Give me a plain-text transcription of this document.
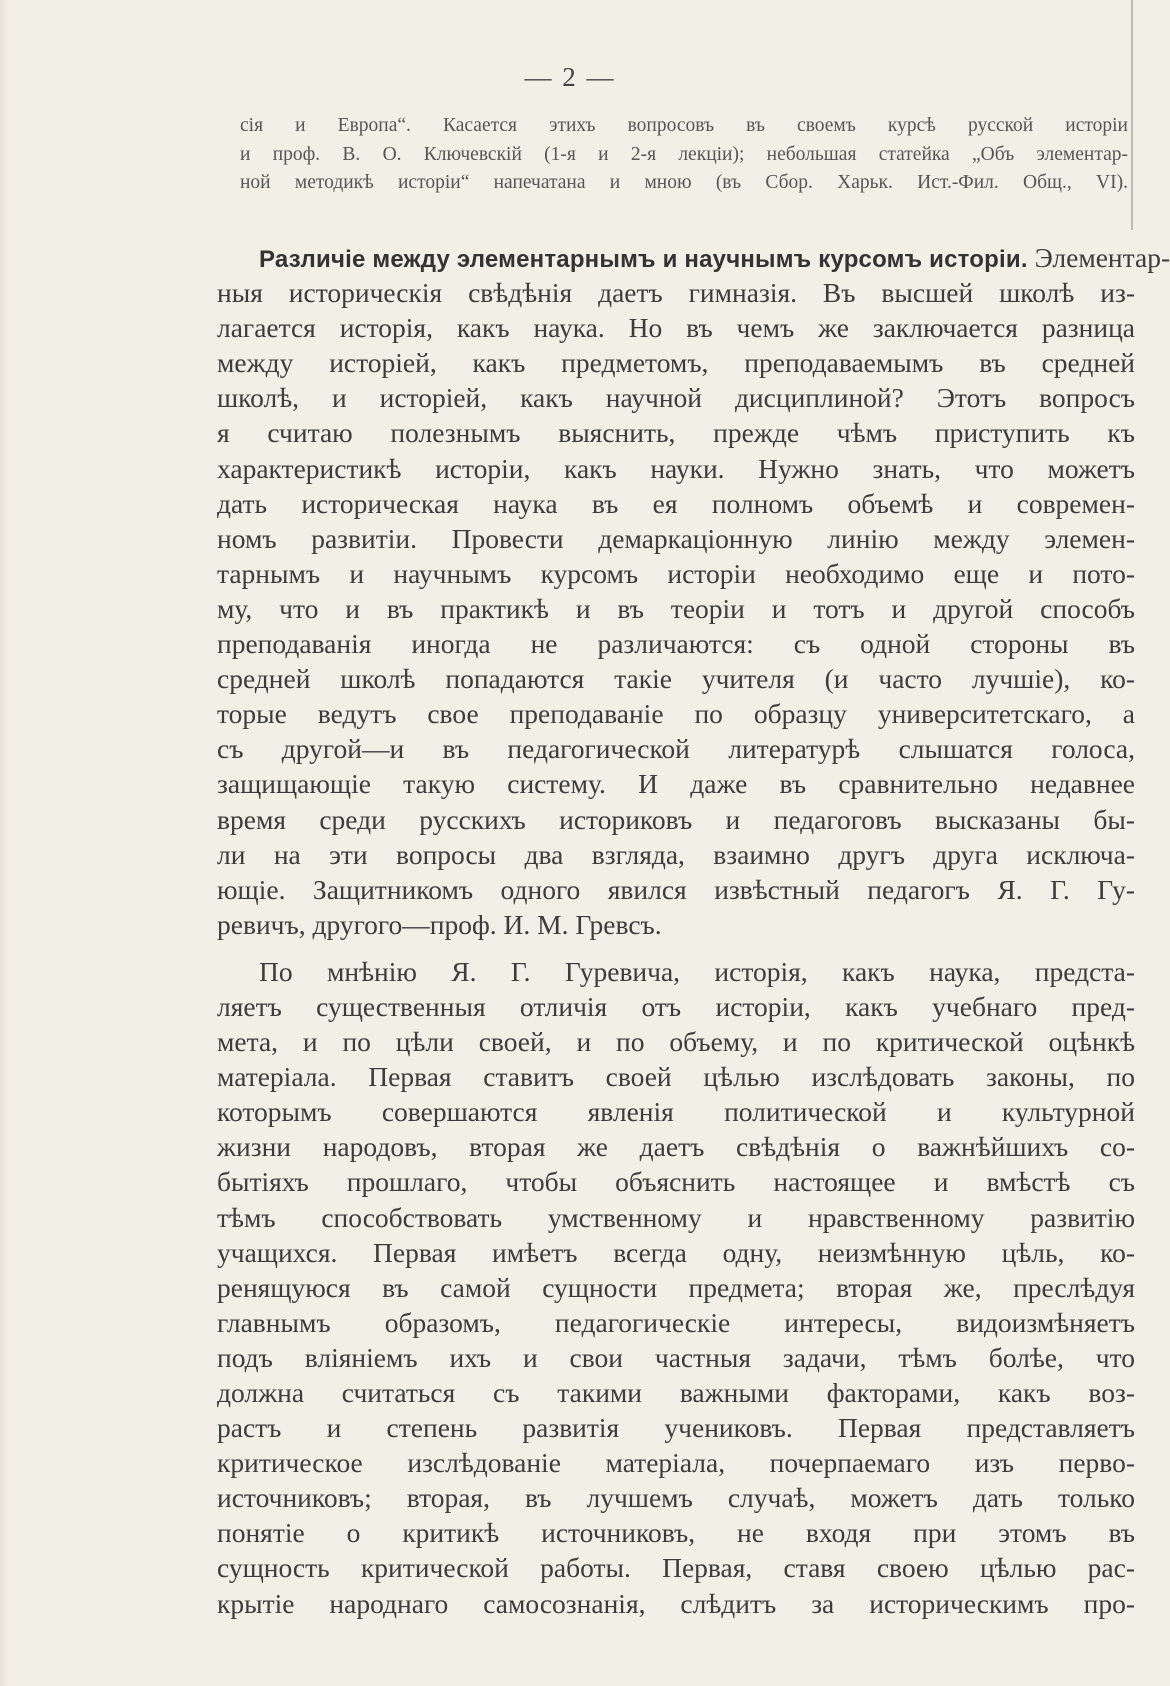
— 2 —
сія и Европа“. Касается этихъ вопросовъ въ своемъ курсѣ русской исторіи
и проф. В. О. Ключевскій (1-я и 2-я лекціи); небольшая статейка „Объ элементар-
ной методикѣ исторіи“ напечатана и мною (въ Сбор. Харьк. Ист.-Фил. Общ., VI).
Различіе между элементарнымъ и научнымъ курсомъ исторіи. Элементар-
ныя историческія свѣдѣнія даетъ гимназія. Въ высшей школѣ из-
лагается исторія, какъ наука. Но въ чемъ же заключается разница
между исторіей, какъ предметомъ, преподаваемымъ въ средней
школѣ, и исторіей, какъ научной дисциплиной? Этотъ вопросъ
я считаю полезнымъ выяснить, прежде чѣмъ приступить къ
характеристикѣ исторіи, какъ науки. Нужно знать, что можетъ
дать историческая наука въ ея полномъ объемѣ и современ-
номъ развитіи. Провести демаркаціонную линію между элемен-
тарнымъ и научнымъ курсомъ исторіи необходимо еще и пото-
му, что и въ практикѣ и въ теоріи и тотъ и другой способъ
преподаванія иногда не различаются: съ одной стороны въ
средней школѣ попадаются такіе учителя (и часто лучшіе), ко-
торые ведутъ свое преподаваніе по образцу университетскаго, а
съ другой—и въ педагогической литературѣ слышатся голоса,
защищающіе такую систему. И даже въ сравнительно недавнее
время среди русскихъ историковъ и педагоговъ высказаны бы-
ли на эти вопросы два взгляда, взаимно другъ друга исключа-
ющіе. Защитникомъ одного явился извѣстный педагогъ Я. Г. Гу-
ревичъ, другого—проф. И. М. Гревсъ.
По мнѣнію Я. Г. Гуревича, исторія, какъ наука, предста-
ляетъ существенныя отличія отъ исторіи, какъ учебнаго пред-
мета, и по цѣли своей, и по объему, и по критической оцѣнкѣ
матеріала. Первая ставитъ своей цѣлью изслѣдовать законы, по
которымъ совершаются явленія политической и культурной
жизни народовъ, вторая же даетъ свѣдѣнія о важнѣйшихъ со-
бытіяхъ прошлаго, чтобы объяснить настоящее и вмѣстѣ съ
тѣмъ способствовать умственному и нравственному развитію
учащихся. Первая имѣетъ всегда одну, неизмѣнную цѣль, ко-
ренящуюся въ самой сущности предмета; вторая же, преслѣдуя
главнымъ образомъ, педагогическіе интересы, видоизмѣняетъ
подъ вліяніемъ ихъ и свои частныя задачи, тѣмъ болѣе, что
должна считаться съ такими важными факторами, какъ воз-
растъ и степень развитія учениковъ. Первая представляетъ
критическое изслѣдованіе матеріала, почерпаемаго изъ перво-
источниковъ; вторая, въ лучшемъ случаѣ, можетъ дать только
понятіе о критикѣ источниковъ, не входя при этомъ въ
сущность критической работы. Первая, ставя своею цѣлью рас-
крытіе народнаго самосознанія, слѣдитъ за историческимъ про-
